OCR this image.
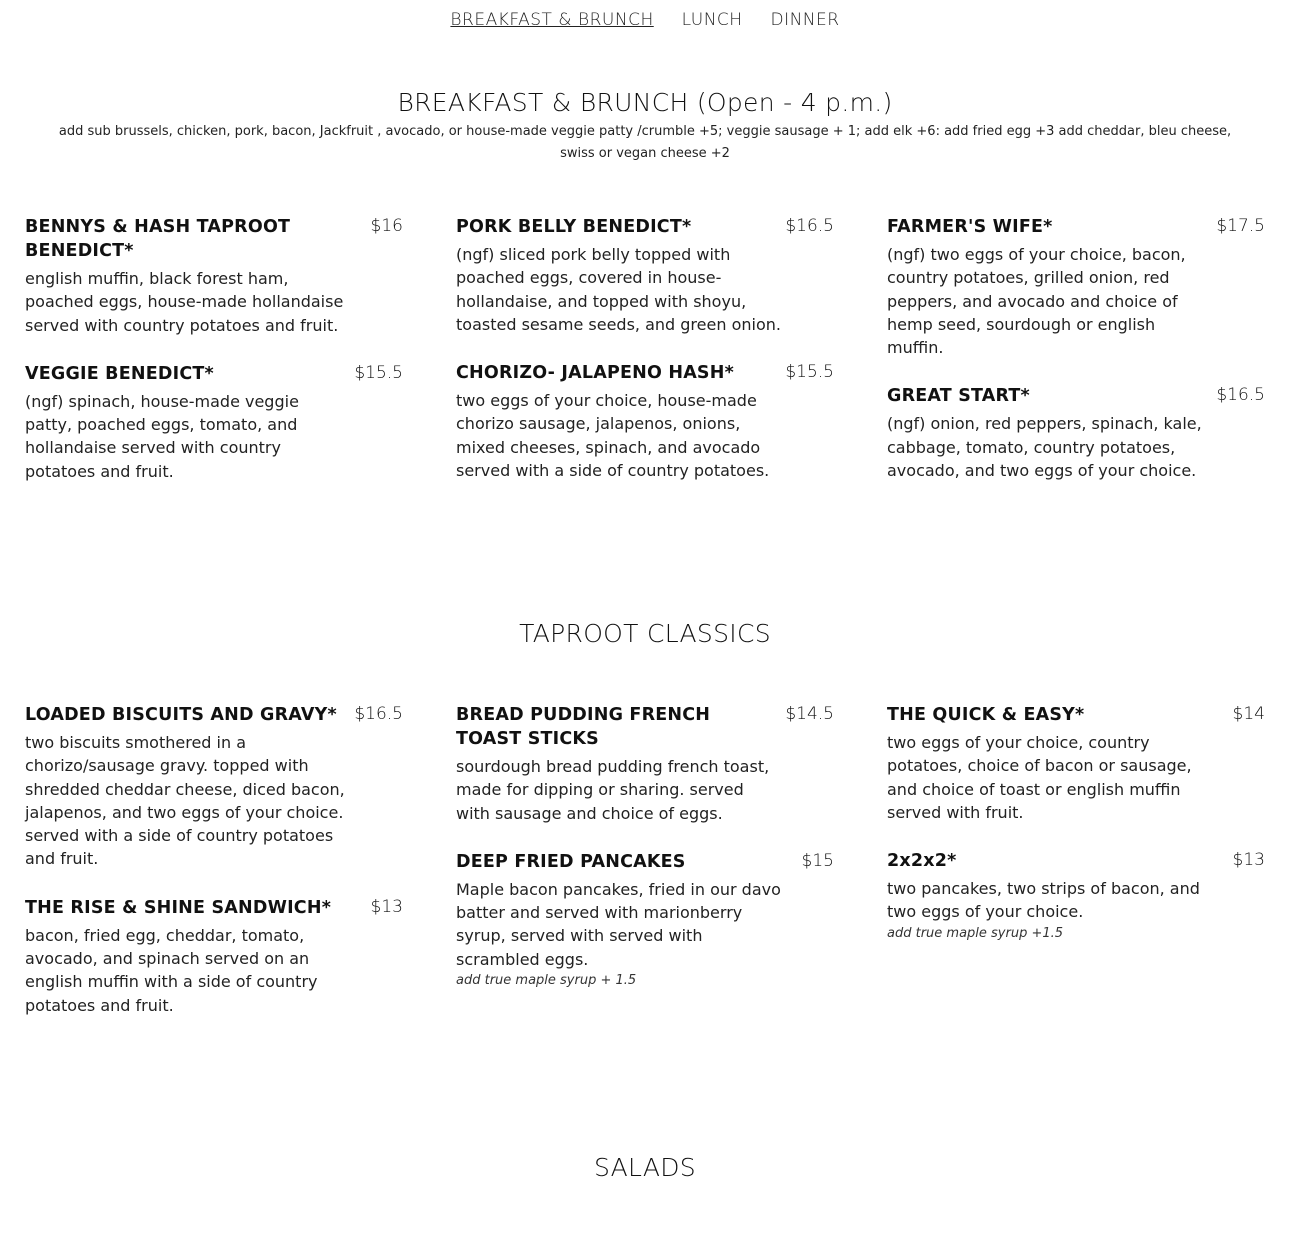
BREAKFAST & BRUNCH LUNCH DINNER
BREAKFAST & BRUNCH (Open - 4 p.m.)

add sub brussels, chicken, pork, bacon, Jackfruit , avocado, or house-made veggie patty /crumble +5; veggie sausage + 1; add elk +6: add fried egg +3 add cheddar, bleu cheese, swiss or vegan cheese +2

BENNYS & HASH TAPROOT BENEDICT*
$16

english muffin, black forest ham, poached eggs, house-made hollandaise served with country potatoes and fruit.

VEGGIE BENEDICT*	$15.5

(ngf) spinach, house-made veggie patty, poached eggs, tomato, and hollandaise served with country potatoes and fruit.

PORK BELLY BENEDICT*	$16.5

(ngf) sliced pork belly topped with poached eggs, covered in house-hollandaise, and topped with shoyu, toasted sesame seeds, and green onion.

CHORIZO- JALAPENO HASH*	$15.5

two eggs of your choice, house-made chorizo sausage, jalapenos, onions, mixed cheeses, spinach, and avocado served with a side of country potatoes.

FARMER'S WIFE*	$17.5

(ngf) two eggs of your choice, bacon, country potatoes, grilled onion, red peppers, and avocado and choice of hemp seed, sourdough or english muffin.

GREAT START*	$16.5

(ngf) onion, red peppers, spinach, kale, cabbage, tomato, country potatoes, avocado, and two eggs of your choice.

TAPROOT CLASSICS
LOADED BISCUITS AND GRAVY* $16.5

two biscuits smothered in a chorizo/sausage gravy. topped with shredded cheddar cheese, diced bacon, jalapenos, and two eggs of your choice. served with a side of country potatoes and fruit.

THE RISE & SHINE SANDWICH* $13

bacon, fried egg, cheddar, tomato, avocado, and spinach served on an english muffin with a side of country potatoes and fruit.

BREAD PUDDING FRENCH TOAST STICKS
$14.5

sourdough bread pudding french toast, made for dipping or sharing. served with sausage and choice of eggs.

DEEP FRIED PANCAKES	$15

Maple bacon pancakes, fried in our davo batter and served with marionberry syrup, served with served with scrambled eggs.

add true maple syrup + 1.5

THE QUICK & EASY*	$14

two eggs of your choice, country potatoes, choice of bacon or sausage, and choice of toast or english muffin served with fruit.

2x2x2*	$13

two pancakes, two strips of bacon, and two eggs of your choice.

add true maple syrup +1.5

SALADS
